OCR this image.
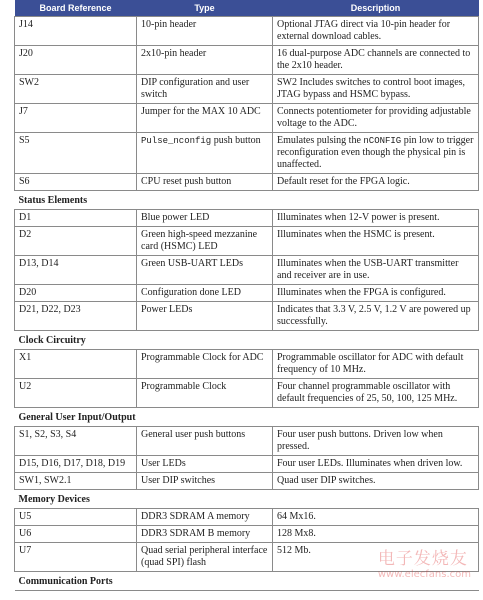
Board Reference	Type	Description
J14	10-pin header	Optional JTAG direct via 10-pin header for external download cables.
J20	2x10-pin header	16 dual-purpose ADC channels are connected to the 2x10 header.
SW2	DIP configuration and user switch	SW2 Includes switches to control boot images, JTAG bypass and HSMC bypass.
J7	Jumper for the MAX 10 ADC	Connects potentiometer for providing adjustable voltage to the ADC.
S5	Pulse_nconfig push button	Emulates pulsing the nCONFIG pin low to trigger reconfiguration even though the physical pin is unaffected.
S6	CPU reset push button	Default reset for the FPGA logic.
Status Elements		
D1	Blue power LED	Illuminates when 12-V power is present.
D2	Green high-speed mezzanine card (HSMC) LED	Illuminates when the HSMC is present.
D13, D14	Green USB-UART LEDs	Illuminates when the USB-UART transmitter and receiver are in use.
D20	Configuration done LED	Illuminates when the FPGA is configured.
D21, D22, D23	Power LEDs	Indicates that 3.3 V, 2.5 V, 1.2 V are powered up successfully.
Clock Circuitry		
X1	Programmable Clock for ADC	Programmable oscillator for ADC with default frequency of 10 MHz.
U2	Programmable Clock	Four channel programmable oscillator with default frequencies of 25, 50, 100, 125 MHz.
General User Input/Output		
S1, S2, S3, S4	General user push buttons	Four user push buttons. Driven low when pressed.
D15, D16, D17, D18, D19	User LEDs	Four user LEDs. Illuminates when driven low.
SW1, SW2.1	User DIP switches	Quad user DIP switches.
Memory Devices		
U5	DDR3 SDRAM A memory	64 Mx16.
U6	DDR3 SDRAM B memory	128 Mx8.
U7	Quad serial peripheral interface (quad SPI) flash	512 Mb.
Communication Ports		
电子发烧友
www.elecfans.com
